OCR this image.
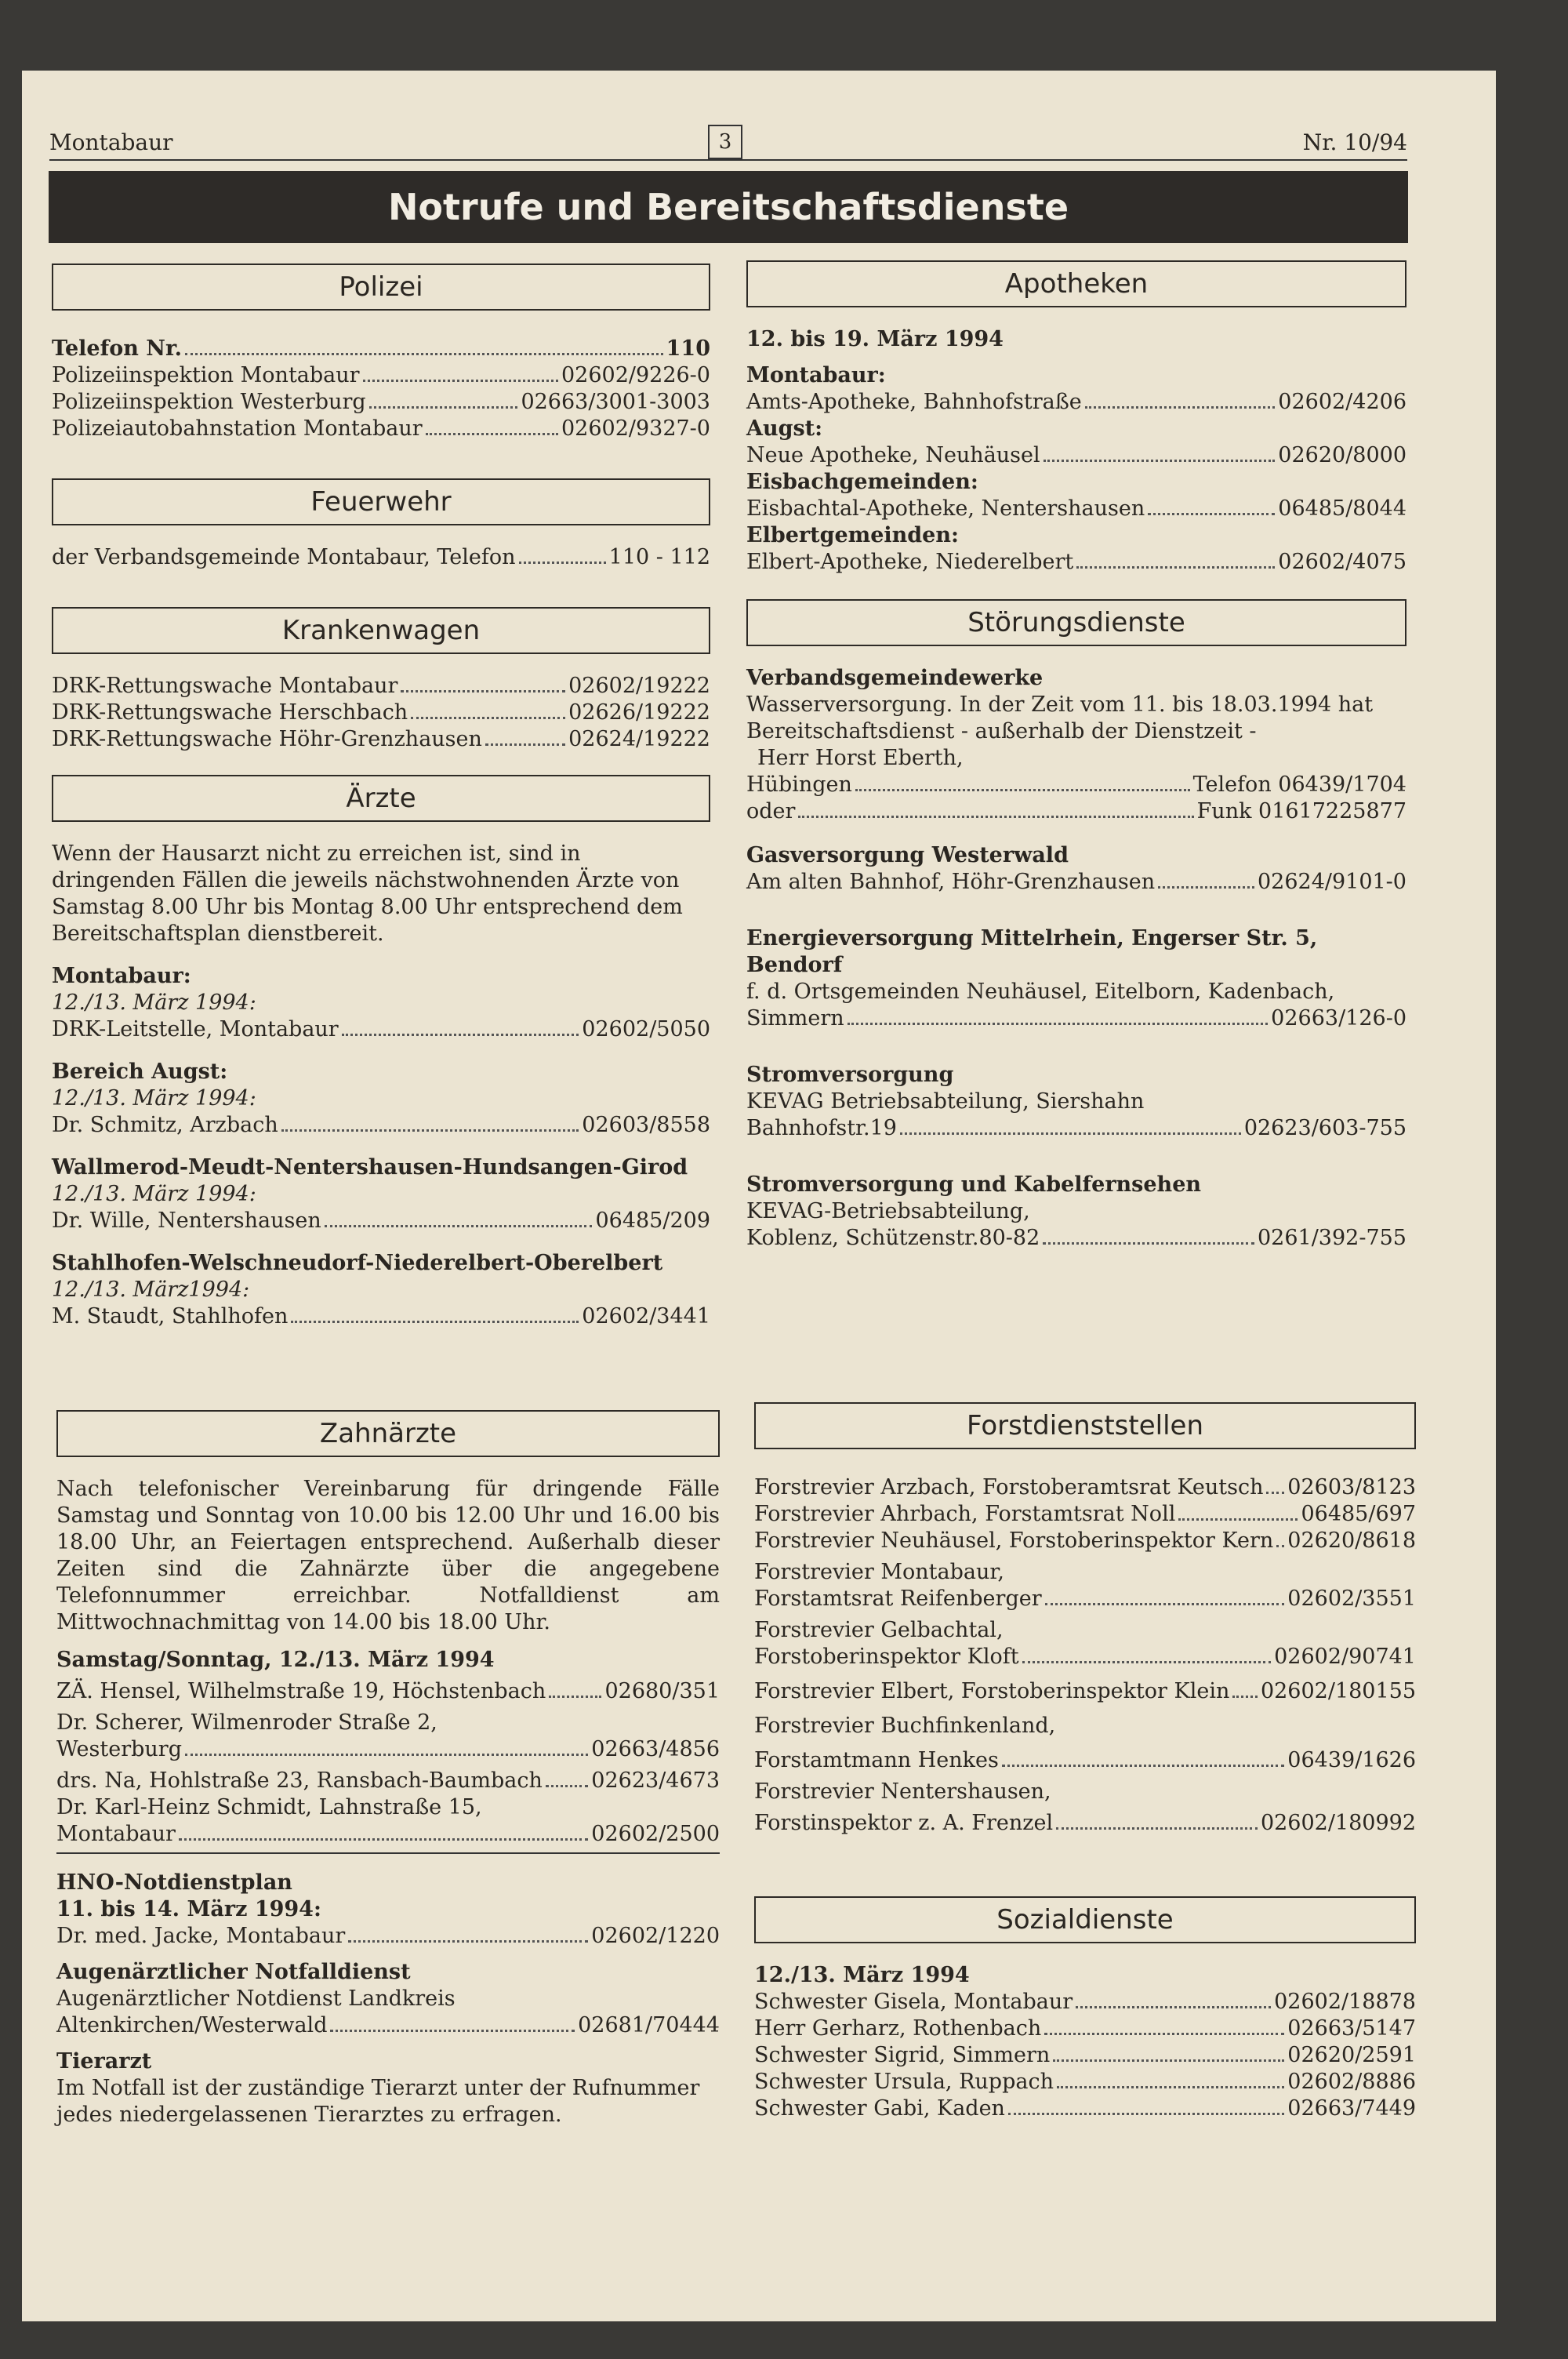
Montabaur	3	Nr. 10/94
Notrufe und Bereitschaftsdienste
Polizei
Telefon Nr.	110
Polizeiinspektion Montabaur	02602/9226-0
Polizeiinspektion Westerburg	02663/3001-3003
Polizeiautobahnstation Montabaur	02602/9327-0
Feuerwehr
der Verbandsgemeinde Montabaur, Telefon	110 - 112
Krankenwagen
DRK-Rettungswache Montabaur	02602/19222
DRK-Rettungswache Herschbach	02626/19222
DRK-Rettungswache Höhr-Grenzhausen	02624/19222
Ärzte

Wenn der Hausarzt nicht zu erreichen ist, sind in dringenden Fällen die jeweils nächstwohnenden Ärzte von Samstag 8.00 Uhr bis Montag 8.00 Uhr entsprechend dem Bereitschaftsplan dienstbereit.

Montabaur:
12./13. März 1994:
DRK-Leitstelle, Montabaur	02602/5050
Bereich Augst:
12./13. März 1994:
Dr. Schmitz, Arzbach	02603/8558
Wallmerod-Meudt-Nentershausen-Hundsangen-Girod
12./13. März 1994:
Dr. Wille, Nentershausen	06485/209
Stahlhofen-Welschneudorf-Niederelbert-Oberelbert
12./13. März1994:
M. Staudt, Stahlhofen	02602/3441
Zahnärzte

Nach telefonischer Vereinbarung für dringende Fälle Samstag und Sonntag von 10.00 bis 12.00 Uhr und 16.00 bis 18.00 Uhr, an Feiertagen entsprechend. Außerhalb dieser Zeiten sind die Zahnärzte über die angegebene Telefonnummer erreichbar. Notfalldienst am Mittwochnachmittag von 14.00 bis 18.00 Uhr.

Samstag/Sonntag, 12./13. März 1994
ZÄ. Hensel, Wilhelmstraße 19, Höchstenbach	02680/351
Dr. Scherer, Wilmenroder Straße 2,
Westerburg	02663/4856
drs. Na, Hohlstraße 23, Ransbach-Baumbach 02623/4673
Dr. Karl-Heinz Schmidt, Lahnstraße 15,
Montabaur	02602/2500
HNO-Notdienstplan
11. bis 14. März 1994:
Dr. med. Jacke, Montabaur	02602/1220
Augenärztlicher Notfalldienst
Augenärztlicher Notdienst Landkreis
Altenkirchen/Westerwald	02681/70444
Tierarzt

Im Notfall ist der zuständige Tierarzt unter der Rufnummer jedes niedergelassenen Tierarztes zu erfragen.

Apotheken
12. bis 19. März 1994
Montabaur:
Amts-Apotheke, Bahnhofstraße	02602/4206
Augst:
Neue Apotheke, Neuhäusel	02620/8000
Eisbachgemeinden:
Eisbachtal-Apotheke, Nentershausen	06485/8044
Elbertgemeinden:
Elbert-Apotheke, Niederelbert	02602/4075
Störungsdienste
Verbandsgemeindewerke
Wasserversorgung. In der Zeit vom 11. bis 18.03.1994 hat
Bereitschaftsdienst - außerhalb der Dienstzeit -
Herr Horst Eberth,
Hübingen	Telefon 06439/1704
oder	Funk 01617225877
Gasversorgung Westerwald
Am alten Bahnhof, Höhr-Grenzhausen	02624/9101-0
Energieversorgung Mittelrhein, Engerser Str. 5, Bendorf
f. d. Ortsgemeinden Neuhäusel, Eitelborn, Kadenbach,
Simmern	02663/126-0
Stromversorgung
KEVAG Betriebsabteilung, Siershahn
Bahnhofstr.19	02623/603-755
Stromversorgung und Kabelfernsehen
KEVAG-Betriebsabteilung,
Koblenz, Schützenstr.80-82	0261/392-755
Forstdienststellen
Forstrevier Arzbach, Forstoberamtsrat Keutsch 02603/8123
Forstrevier Ahrbach, Forstamtsrat Noll	06485/697
Forstrevier Neuhäusel, Forstoberinspektor Kern 02620/8618
Forstrevier Montabaur,
Forstamtsrat Reifenberger	02602/3551
Forstrevier Gelbachtal,
Forstoberinspektor Kloft	02602/90741
Forstrevier Elbert, Forstoberinspektor Klein 02602/180155
Forstrevier Buchfinkenland,
Forstamtmann Henkes	06439/1626
Forstrevier Nentershausen,
Forstinspektor z. A. Frenzel	02602/180992
Sozialdienste
12./13. März 1994
Schwester Gisela, Montabaur	02602/18878
Herr Gerharz, Rothenbach	02663/5147
Schwester Sigrid, Simmern	02620/2591
Schwester Ursula, Ruppach	02602/8886
Schwester Gabi, Kaden	02663/7449
